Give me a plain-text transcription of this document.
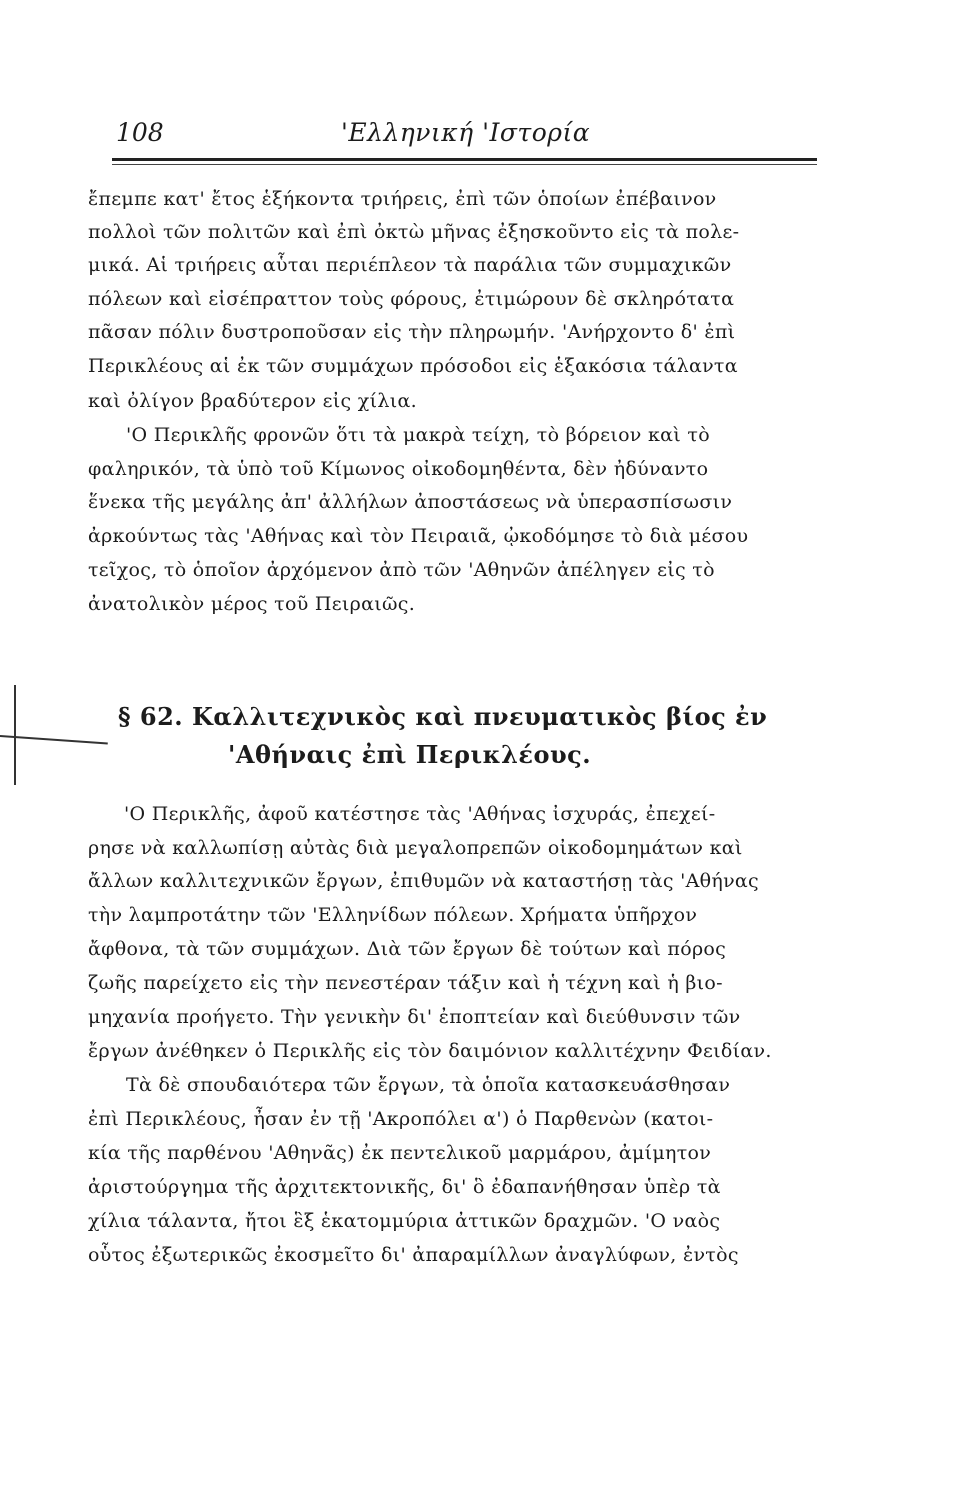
108	'Ελληνική 'Ιστορία
ἔπεμπε κατ' ἔτος ἑξήκοντα τριήρεις, ἐπὶ τῶν ὁποίων ἐπέβαινον
πολλοὶ τῶν πολιτῶν καὶ ἐπὶ ὀκτὼ μῆνας ἐξησκοῦντο εἰς τὰ πολε-
μικά. Αἱ τριήρεις αὗται περιέπλεον τὰ παράλια τῶν συμμαχικῶν
πόλεων καὶ εἰσέπραττον τοὺς φόρους, ἐτιμώρουν δὲ σκληρότατα
πᾶσαν πόλιν δυστροποῦσαν εἰς τὴν πληρωμήν. 'Ανήρχοντο δ' ἐπὶ
Περικλέους αἱ ἐκ τῶν συμμάχων πρόσοδοι εἰς ἑξακόσια τάλαντα
καὶ ὀλίγον βραδύτερον εἰς χίλια.
'Ο Περικλῆς φρονῶν ὅτι τὰ μακρὰ τείχη, τὸ βόρειον καὶ τὸ
φαληρικόν, τὰ ὑπὸ τοῦ Κίμωνος οἰκοδομηθέντα, δὲν ἠδύναντο
ἕνεκα τῆς μεγάλης ἀπ' ἀλλήλων ἀποστάσεως νὰ ὑπερασπίσωσιν
ἀρκούντως τὰς 'Αθήνας καὶ τὸν Πειραιᾶ, ᾠκοδόμησε τὸ διὰ μέσου
τεῖχος, τὸ ὁποῖον ἀρχόμενον ἀπὸ τῶν 'Αθηνῶν ἀπέληγεν εἰς τὸ
ἀνατολικὸν μέρος τοῦ Πειραιῶς.
§ 62. Καλλιτεχνικὸς καὶ πνευματικὸς βίος ἐν
'Αθήναις ἐπὶ Περικλέους.
'Ο Περικλῆς, ἀφοῦ κατέστησε τὰς 'Αθήνας ἰσχυράς, ἐπεχεί-
ρησε νὰ καλλωπίσῃ αὐτὰς διὰ μεγαλοπρεπῶν οἰκοδομημάτων καὶ
ἄλλων καλλιτεχνικῶν ἔργων, ἐπιθυμῶν νὰ καταστήσῃ τὰς 'Αθήνας
τὴν λαμπροτάτην τῶν 'Ελληνίδων πόλεων. Χρήματα ὑπῆρχον
ἄφθονα, τὰ τῶν συμμάχων. Διὰ τῶν ἔργων δὲ τούτων καὶ πόρος
ζωῆς παρείχετο εἰς τὴν πενεστέραν τάξιν καὶ ἡ τέχνη καὶ ἡ βιο-
μηχανία προήγετο. Τὴν γενικὴν δι' ἐποπτείαν καὶ διεύθυνσιν τῶν
ἔργων ἀνέθηκεν ὁ Περικλῆς εἰς τὸν δαιμόνιον καλλιτέχνην Φειδίαν.
Τὰ δὲ σπουδαιότερα τῶν ἔργων, τὰ ὁποῖα κατασκευάσθησαν
ἐπὶ Περικλέους, ἦσαν ἐν τῇ 'Ακροπόλει α') ὁ Παρθενὼν (κατοι-
κία τῆς παρθένου 'Αθηνᾶς) ἐκ πεντελικοῦ μαρμάρου, ἀμίμητον
ἀριστούργημα τῆς ἀρχιτεκτονικῆς, δι' ὃ ἐδαπανήθησαν ὑπὲρ τὰ
χίλια τάλαντα, ἤτοι ἓξ ἑκατομμύρια ἀττικῶν δραχμῶν. 'Ο ναὸς
οὗτος ἐξωτερικῶς ἐκοσμεῖτο δι' ἀπαραμίλλων ἀναγλύφων, ἐντὸς
